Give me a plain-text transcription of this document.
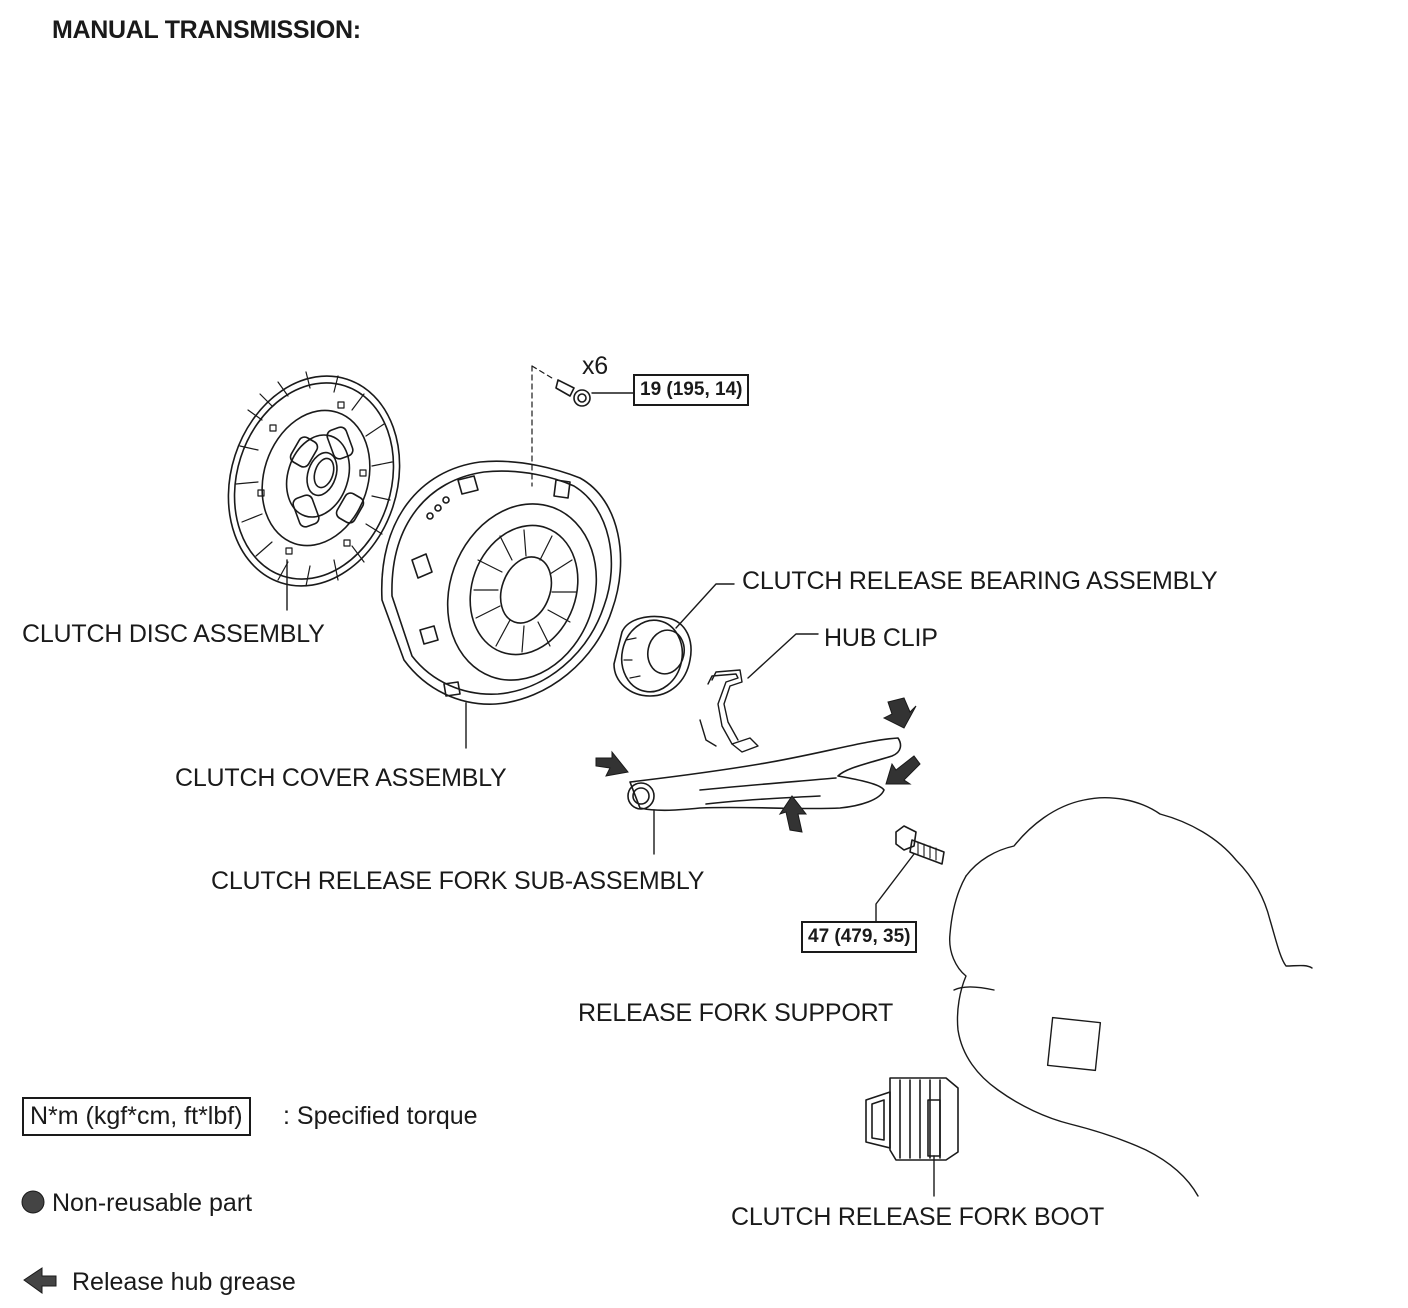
MANUAL TRANSMISSION:
CLUTCH DISC ASSEMBLY
CLUTCH COVER ASSEMBLY
CLUTCH RELEASE BEARING ASSEMBLY
HUB CLIP
CLUTCH RELEASE FORK SUB-ASSEMBLY
RELEASE FORK SUPPORT
CLUTCH RELEASE FORK BOOT
x6
19 (195, 14)
47 (479, 35)
N*m (kgf*cm, ft*lbf)	: Specified torque
Non-reusable part
Release hub grease
